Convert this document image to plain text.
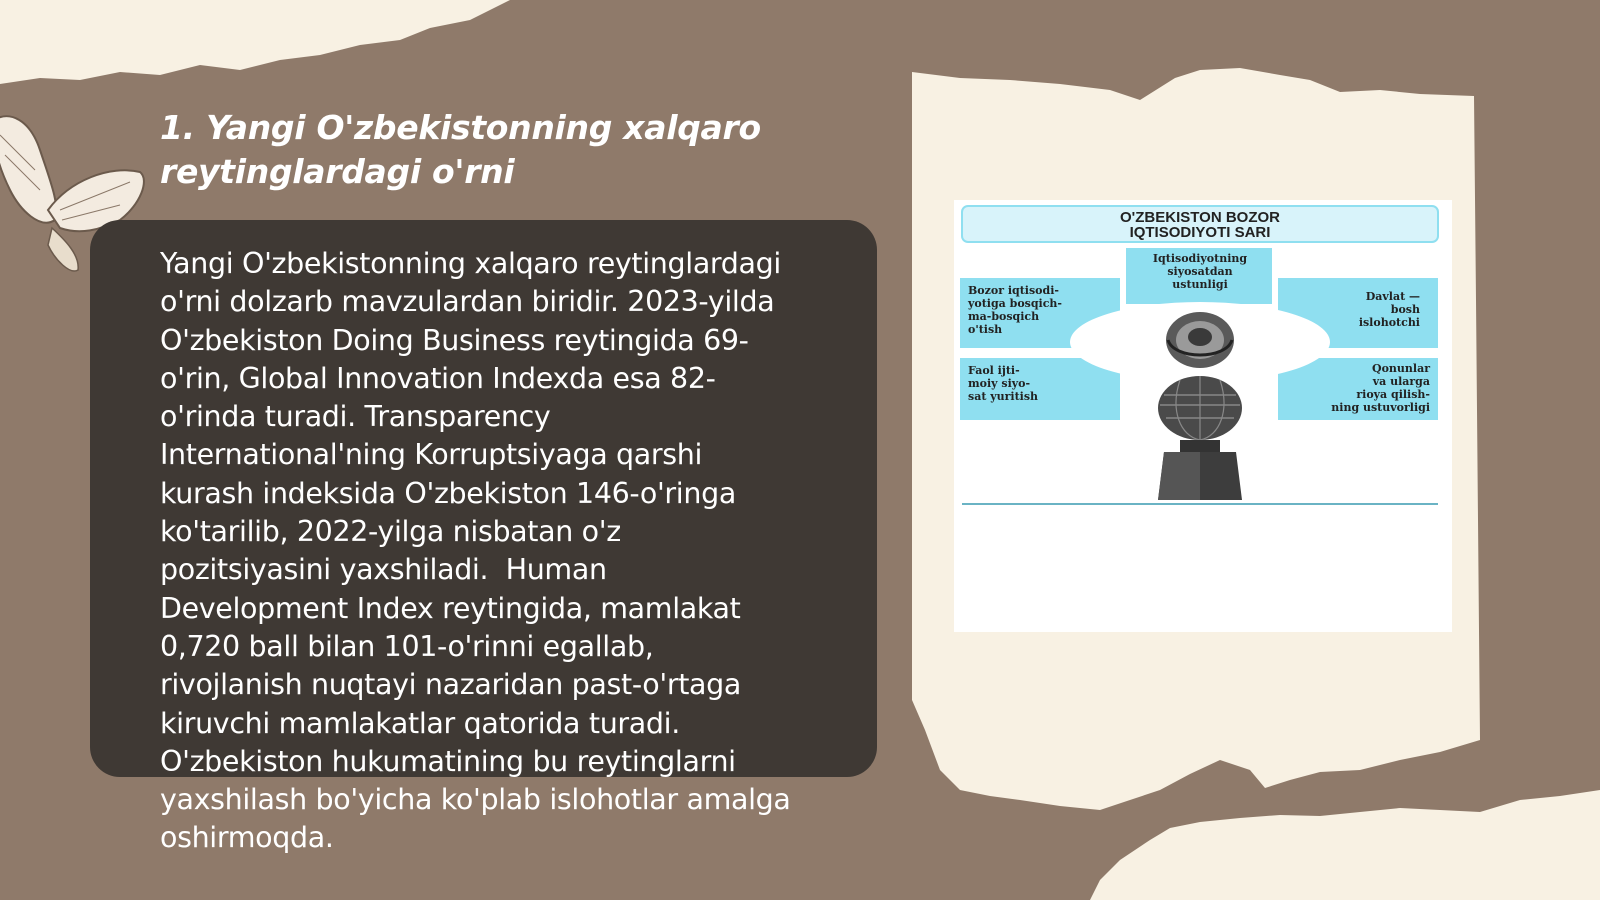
1. Yangi O'zbekistonning xalqaro
reytinglardagi o'rni
Yangi O'zbekistonning xalqaro reytinglardagi
o'rni dolzarb mavzulardan biridir. 2023-yilda
O'zbekiston Doing Business reytingida 69-
o'rin, Global Innovation Indexda esa 82-
o'rinda turadi. Transparency
International'ning Korruptsiyaga qarshi
kurash indeksida O'zbekiston 146-o'ringa
ko'tarilib, 2022-yilga nisbatan o'z
pozitsiyasini yaxshiladi.  Human
Development Index reytingida, mamlakat
0,720 ball bilan 101-o'rinni egallab,
rivojlanish nuqtayi nazaridan past-o'rtaga
kiruvchi mamlakatlar qatorida turadi.
O'zbekiston hukumatining bu reytinglarni
yaxshilash bo'yicha ko'plab islohotlar amalga
oshirmoqda.
O'ZBEKISTON BOZOR
IQTISODIYOTI SARI
Iqtisodiyotning
siyosatdan
ustunligi
Bozor iqtisodi-
yotiga bosqich-
ma-bosqich
o'tish
Davlat —
bosh
islohotchi
Faol ijti-
moiy siyo-
sat yuritish
Qonunlar
va ularga
rioya qilish-
ning ustuvorligi
